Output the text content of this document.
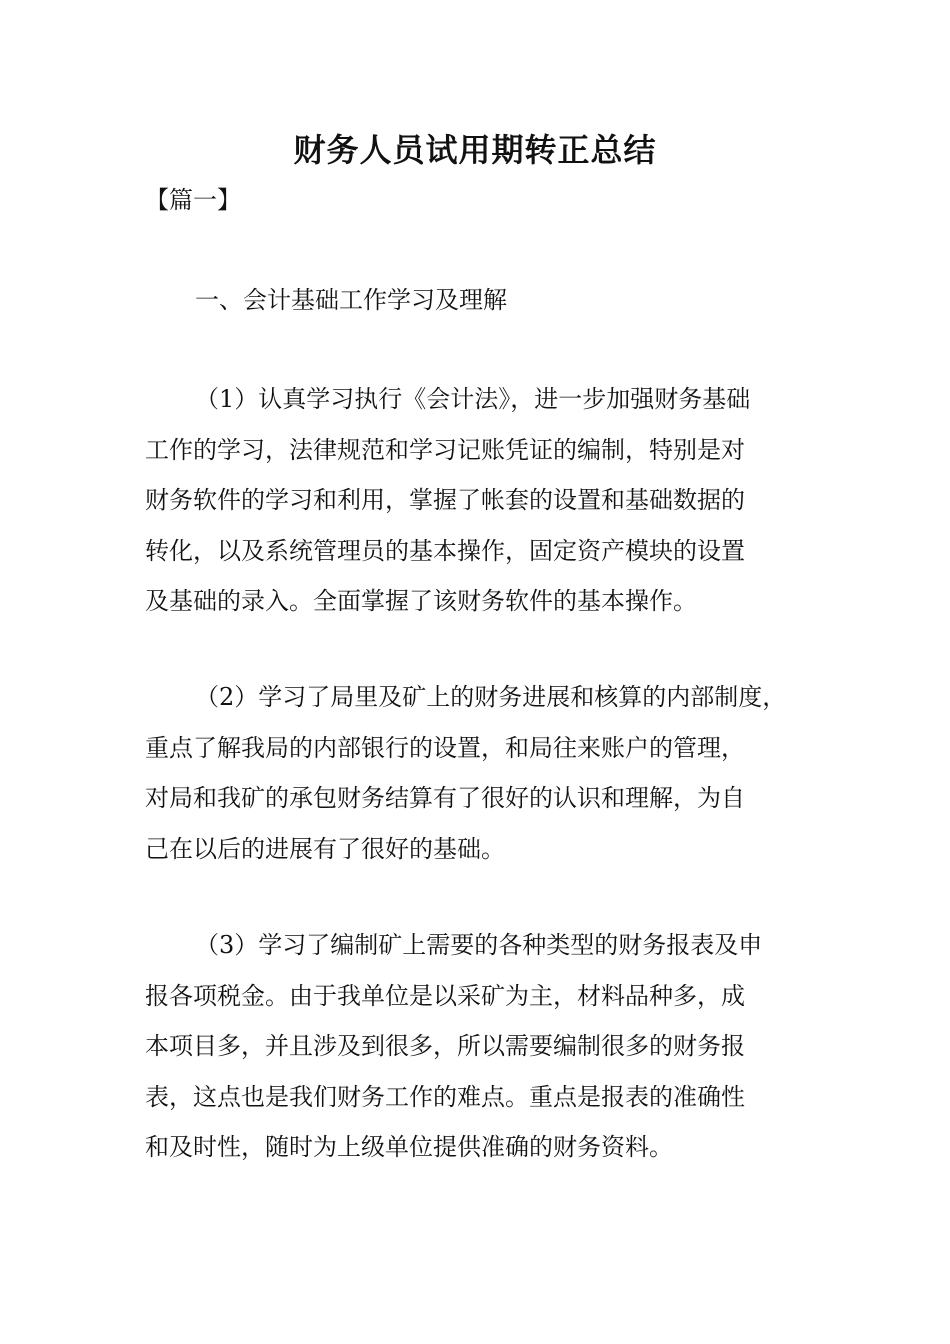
财务人员试用期转正总结
【篇一】
一、会计基础工作学习及理解

（1）认真学习执行《会计法》，进一步加强财务基础
工作的学习，法律规范和学习记账凭证的编制，特别是对
财务软件的学习和利用，掌握了帐套的设置和基础数据的
转化，以及系统管理员的基本操作，固定资产模块的设置
及基础的录入。全面掌握了该财务软件的基本操作。

（2）学习了局里及矿上的财务进展和核算的内部制度，
重点了解我局的内部银行的设置，和局往来账户的管理，
对局和我矿的承包财务结算有了很好的认识和理解，为自
己在以后的进展有了很好的基础。

（3）学习了编制矿上需要的各种类型的财务报表及申
报各项税金。由于我单位是以采矿为主，材料品种多，成
本项目多，并且涉及到很多，所以需要编制很多的财务报
表，这点也是我们财务工作的难点。重点是报表的准确性
和及时性，随时为上级单位提供准确的财务资料。
